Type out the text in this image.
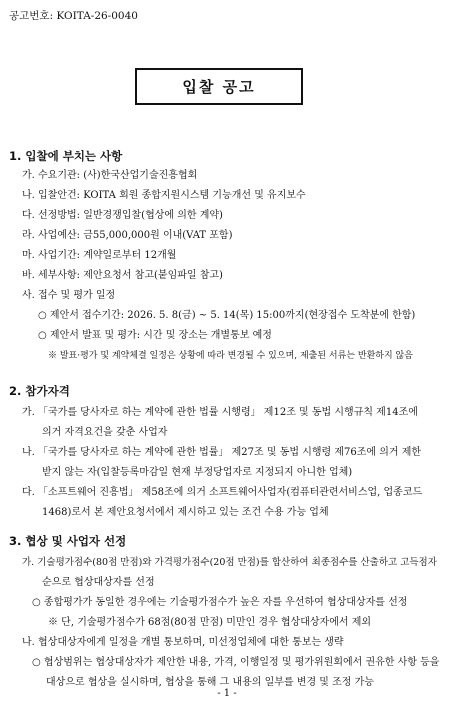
공고번호: KOITA-26-0040
입찰 공고
1. 입찰에 부치는 사항
가. 수요기관: (사)한국산업기술진흥협회
나. 입찰안건: KOITA 회원 종합지원시스템 기능개선 및 유지보수
다. 선정방법: 일반경쟁입찰(협상에 의한 계약)
라. 사업예산: 금55,000,000원 이내(VAT 포함)
마. 사업기간: 계약일로부터 12개월
바. 세부사항: 제안요청서 참고(붙임파일 참고)
사. 접수 및 평가 일정
○ 제안서 접수기간: 2026. 5. 8(금) ~ 5. 14(목) 15:00까지(현장접수 도착분에 한함)
○ 제안서 발표 및 평가: 시간 및 장소는 개별통보 예정
※ 발표·평가 및 계약체결 일정은 상황에 따라 변경될 수 있으며, 제출된 서류는 반환하지 않음
2. 참가자격
가. 「국가를 당사자로 하는 계약에 관한 법률 시행령」 제12조 및 동법 시행규칙 제14조에
의거 자격요건을 갖춘 사업자
나. 「국가를 당사자로 하는 계약에 관한 법률」 제27조 및 동법 시행령 제76조에 의거 제한
받지 않는 자(입찰등록마감일 현재 부정당업자로 지정되지 아니한 업체)
다. 「소프트웨어 진흥법」 제58조에 의거 소프트웨어사업자(컴퓨터관련서비스업, 업종코드
1468)로서 본 제안요청서에서 제시하고 있는 조건 수용 가능 업체
3. 협상 및 사업자 선정
가. 기술평가점수(80점 만점)와 가격평가점수(20점 만점)를 합산하여 최종점수를 산출하고 고득점자
순으로 협상대상자를 선정
○ 종합평가가 동일한 경우에는 기술평가점수가 높은 자를 우선하여 협상대상자를 선정
※ 단, 기술평가점수가 68점(80점 만점) 미만인 경우 협상대상자에서 제외
나. 협상대상자에게 일정을 개별 통보하며, 미선정업체에 대한 통보는 생략
○ 협상범위는 협상대상자가 제안한 내용, 가격, 이행일정 및 평가위원회에서 권유한 사항 등을
대상으로 협상을 실시하며, 협상을 통해 그 내용의 일부를 변경 및 조정 가능
- 1 -
